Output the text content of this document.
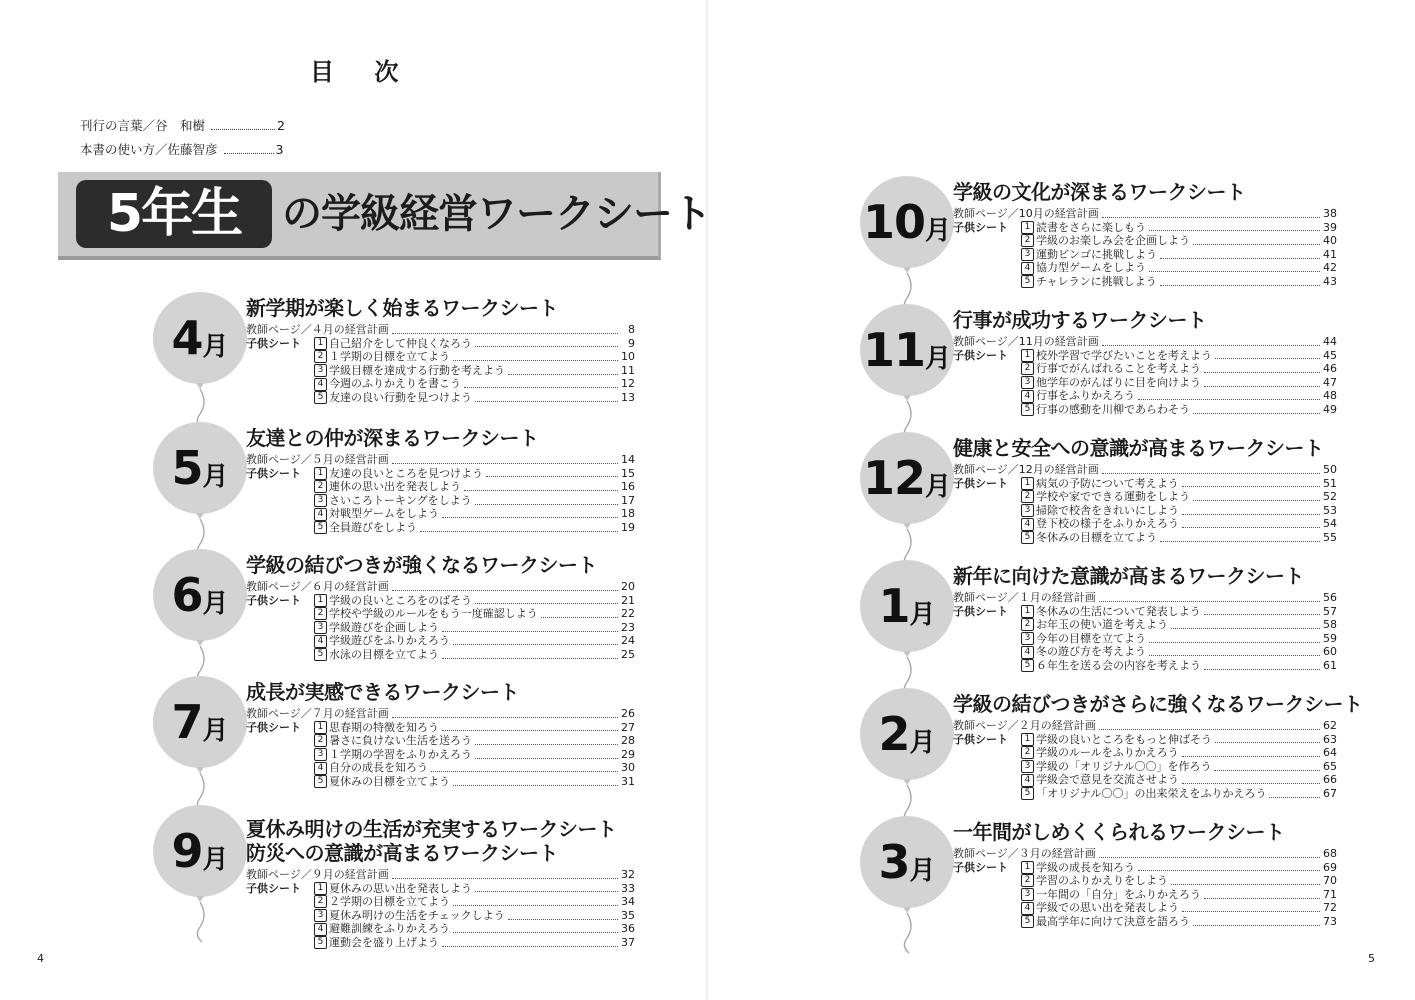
目 次
刊行の言葉／谷　和樹	2
本書の使い方／佐藤智彦	3
5年生	の学級経営ワークシート
4 月
新学期が楽しく始まるワークシート
教師ページ／４月の経営計画	8
子供シート	1 自己紹介をして仲良くなろう	9
2 １学期の目標を立てよう	10
3 学級目標を達成する行動を考えよう	11
4 今週のふりかえりを書こう	12
5 友達の良い行動を見つけよう	13
5 月
友達との仲が深まるワークシート
教師ページ／５月の経営計画	14
子供シート	1 友達の良いところを見つけよう	15
2 連休の思い出を発表しよう	16
3 さいころトーキングをしよう	17
4 対戦型ゲームをしよう	18
5 全員遊びをしよう	19
6 月
学級の結びつきが強くなるワークシート
教師ページ／６月の経営計画	20
子供シート	1 学級の良いところをのばそう	21
2 学校や学級のルールをもう一度確認しよう	22
3 学級遊びを企画しよう	23
4 学級遊びをふりかえろう	24
5 水泳の目標を立てよう	25
7 月
成長が実感できるワークシート
教師ページ／７月の経営計画	26
子供シート	1 思春期の特徴を知ろう	27
2 暑さに負けない生活を送ろう	28
3 １学期の学習をふりかえろう	29
4 自分の成長を知ろう	30
5 夏休みの目標を立てよう	31
9 月
夏休み明けの生活が充実するワークシート
防災への意識が高まるワークシート
教師ページ／９月の経営計画	32
子供シート	1 夏休みの思い出を発表しよう	33
2 ２学期の目標を立てよう	34
3 夏休み明けの生活をチェックしよう	35
4 避難訓練をふりかえろう	36
5 運動会を盛り上げよう	37
10 月
学級の文化が深まるワークシート
教師ページ／10月の経営計画	38
子供シート	1 読書をさらに楽しもう	39
2 学級のお楽しみ会を企画しよう	40
3 運動ビンゴに挑戦しよう	41
4 協力型ゲームをしよう	42
5 チャレランに挑戦しよう	43
11 月
行事が成功するワークシート
教師ページ／11月の経営計画	44
子供シート	1 校外学習で学びたいことを考えよう	45
2 行事でがんばれることを考えよう	46
3 他学年のがんばりに目を向けよう	47
4 行事をふりかえろう	48
5 行事の感動を川柳であらわそう	49
12 月
健康と安全への意識が高まるワークシート
教師ページ／12月の経営計画	50
子供シート	1 病気の予防について考えよう	51
2 学校や家でできる運動をしよう	52
3 掃除で校舎をきれいにしよう	53
4 登下校の様子をふりかえろう	54
5 冬休みの目標を立てよう	55
1 月
新年に向けた意識が高まるワークシート
教師ページ／１月の経営計画	56
子供シート	1 冬休みの生活について発表しよう	57
2 お年玉の使い道を考えよう	58
3 今年の目標を立てよう	59
4 冬の遊び方を考えよう	60
5 ６年生を送る会の内容を考えよう	61
2 月
学級の結びつきがさらに強くなるワークシート
教師ページ／２月の経営計画	62
子供シート	1 学級の良いところをもっと伸ばそう	63
2 学級のルールをふりかえろう	64
3 学級の「オリジナル〇〇」を作ろう	65
4 学級会で意見を交流させよう	66
5 「オリジナル〇〇」の出来栄えをふりかえろう	67
3 月
一年間がしめくくられるワークシート
教師ページ／３月の経営計画	68
子供シート	1 学級の成長を知ろう	69
2 学習のふりかえりをしよう	70
3 一年間の「自分」をふりかえろう	71
4 学級での思い出を発表しよう	72
5 最高学年に向けて決意を語ろう	73
4	5
